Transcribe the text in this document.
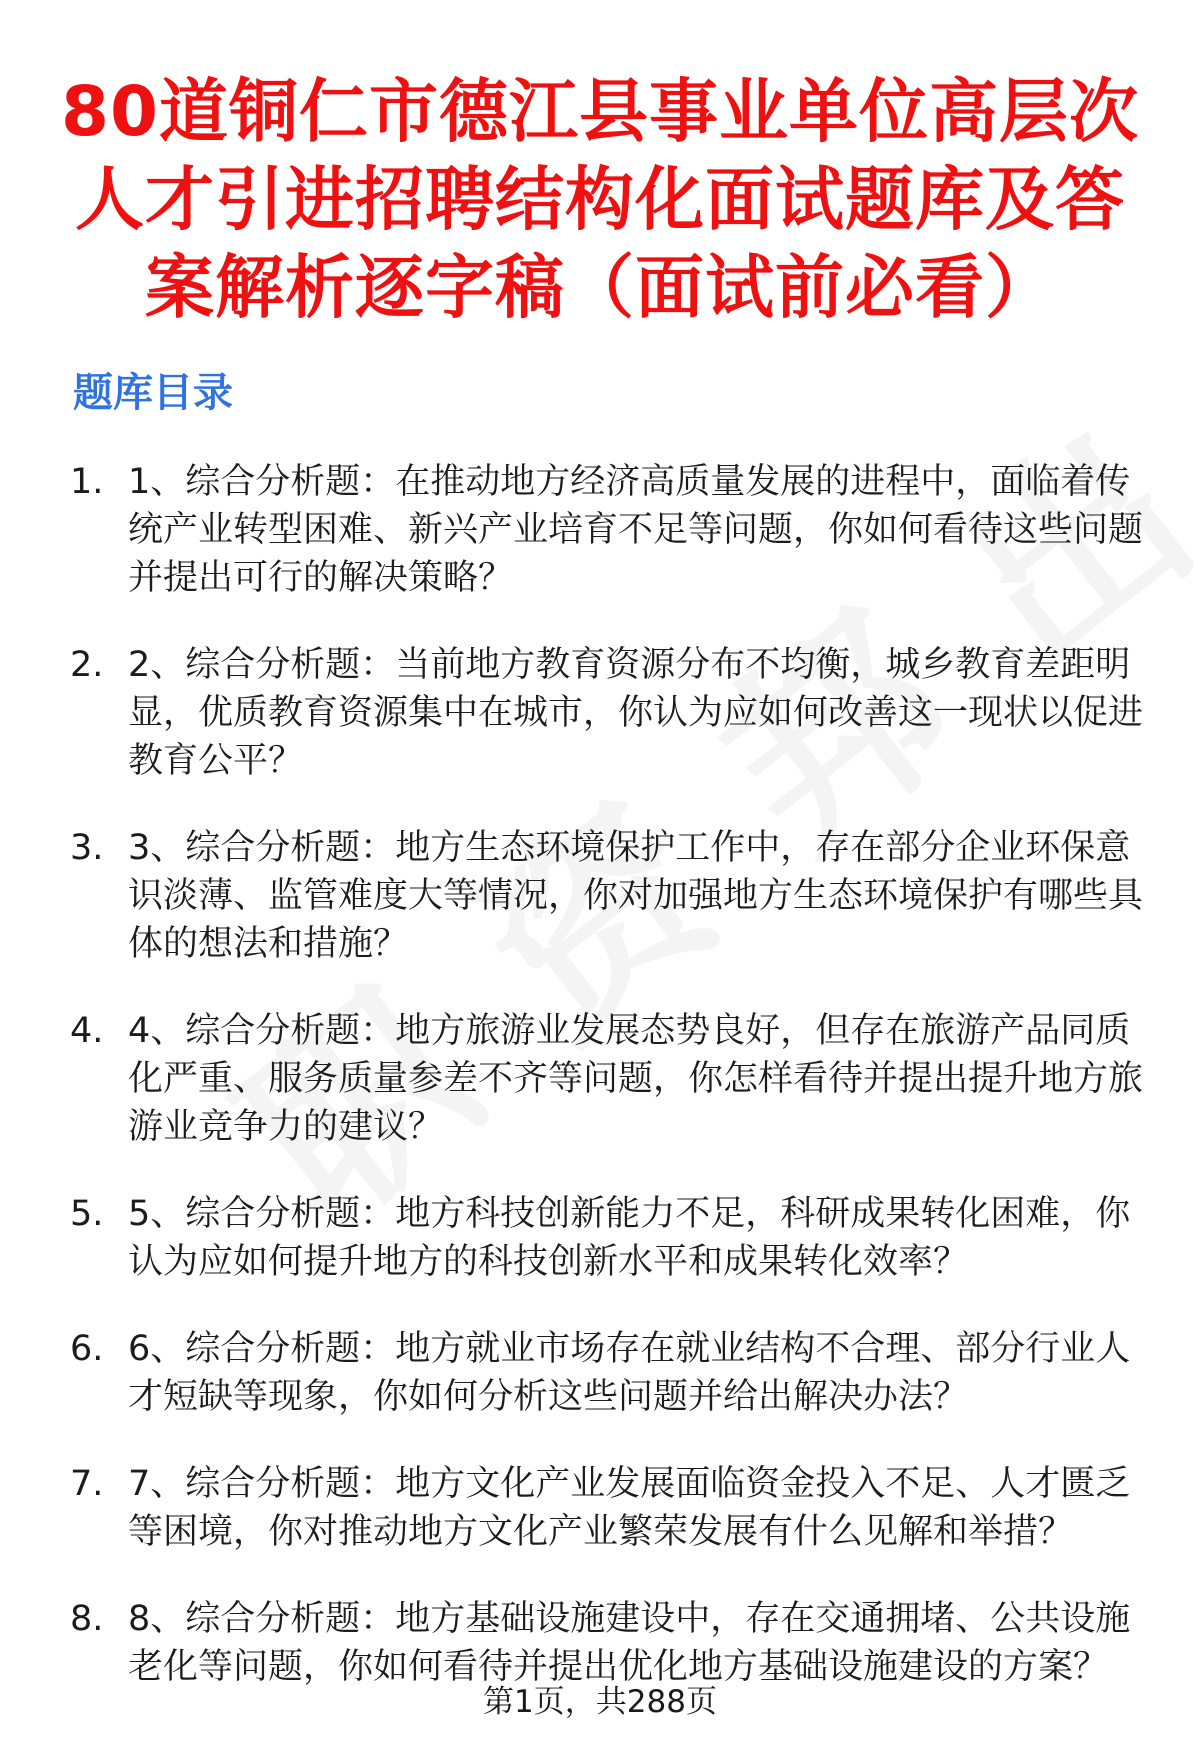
80道铜仁市德江县事业单位高层次人才引进招聘结构化面试题库及答案解析逐字稿（面试前必看）
题库目录
1. 1、综合分析题：在推动地方经济高质量发展的进程中，面临着传统产业转型困难、新兴产业培育不足等问题，你如何看待这些问题并提出可行的解决策略？
2. 2、综合分析题：当前地方教育资源分布不均衡，城乡教育差距明显，优质教育资源集中在城市，你认为应如何改善这一现状以促进教育公平？
3. 3、综合分析题：地方生态环境保护工作中，存在部分企业环保意识淡薄、监管难度大等情况，你对加强地方生态环境保护有哪些具体的想法和措施？
4. 4、综合分析题：地方旅游业发展态势良好，但存在旅游产品同质化严重、服务质量参差不齐等问题，你怎样看待并提出提升地方旅游业竞争力的建议？
5. 5、综合分析题：地方科技创新能力不足，科研成果转化困难，你认为应如何提升地方的科技创新水平和成果转化效率？
6. 6、综合分析题：地方就业市场存在就业结构不合理、部分行业人才短缺等现象，你如何分析这些问题并给出解决办法？
7. 7、综合分析题：地方文化产业发展面临资金投入不足、人才匮乏等困境，你对推动地方文化产业繁荣发展有什么见解和举措？
8. 8、综合分析题：地方基础设施建设中，存在交通拥堵、公共设施老化等问题，你如何看待并提出优化地方基础设施建设的方案？
第1页，共288页
